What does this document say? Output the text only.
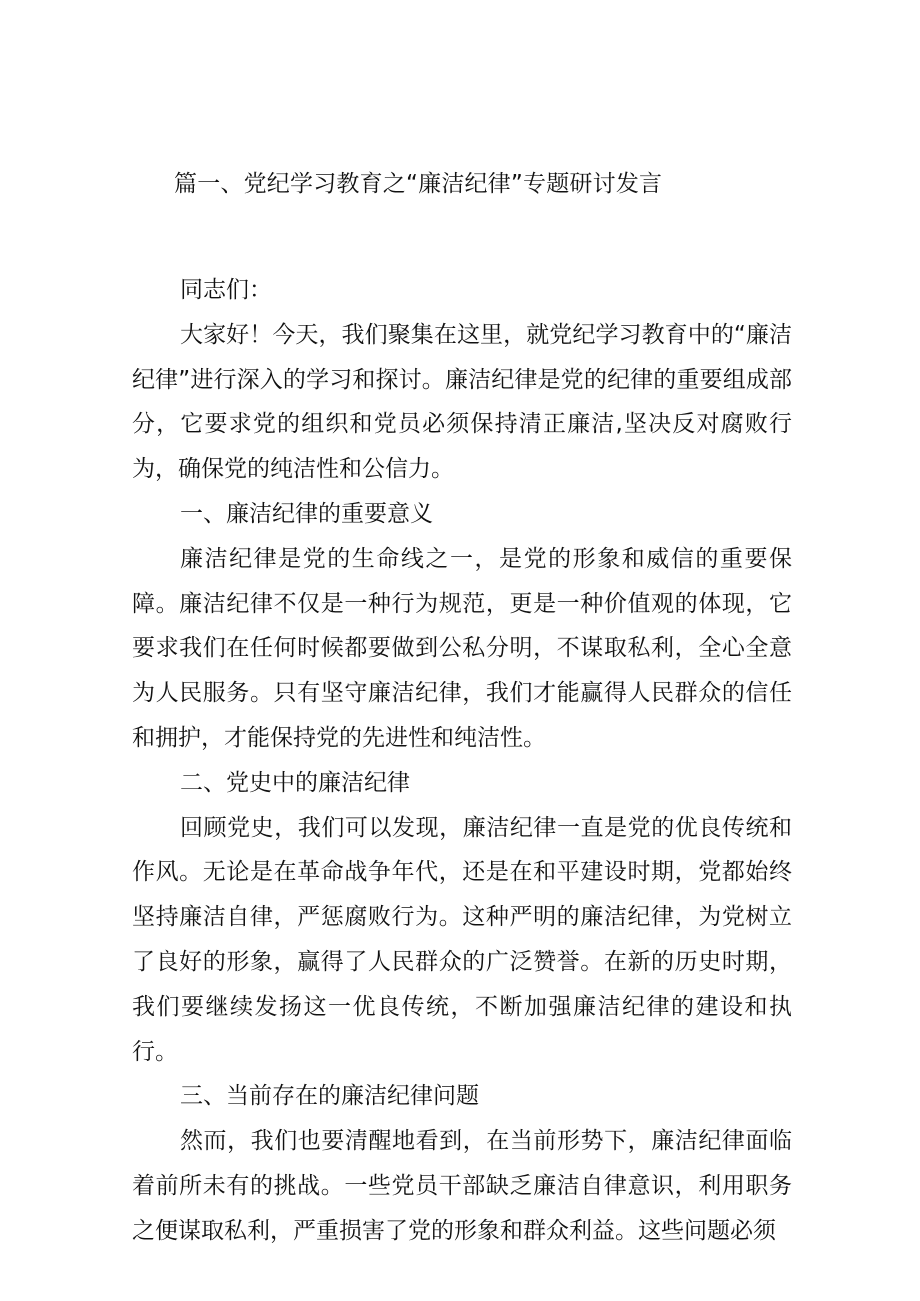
篇一、党纪学习教育之“廉洁纪律”专题研讨发言

同志们：

大家好！今天，我们聚集在这里，就党纪学习教育中的“廉洁纪律”进行深入的学习和探讨。廉洁纪律是党的纪律的重要组成部分，它要求党的组织和党员必须保持清正廉洁,坚决反对腐败行为，确保党的纯洁性和公信力。

一、廉洁纪律的重要意义

廉洁纪律是党的生命线之一，是党的形象和威信的重要保障。廉洁纪律不仅是一种行为规范，更是一种价值观的体现，它要求我们在任何时候都要做到公私分明，不谋取私利，全心全意为人民服务。只有坚守廉洁纪律，我们才能赢得人民群众的信任和拥护，才能保持党的先进性和纯洁性。

二、党史中的廉洁纪律

回顾党史，我们可以发现，廉洁纪律一直是党的优良传统和作风。无论是在革命战争年代，还是在和平建设时期，党都始终坚持廉洁自律，严惩腐败行为。这种严明的廉洁纪律，为党树立了良好的形象，赢得了人民群众的广泛赞誉。在新的历史时期，我们要继续发扬这一优良传统，不断加强廉洁纪律的建设和执行。

三、当前存在的廉洁纪律问题

然而，我们也要清醒地看到，在当前形势下，廉洁纪律面临着前所未有的挑战。一些党员干部缺乏廉洁自律意识，利用职务之便谋取私利，严重损害了党的形象和群众利益。这些问题必须
